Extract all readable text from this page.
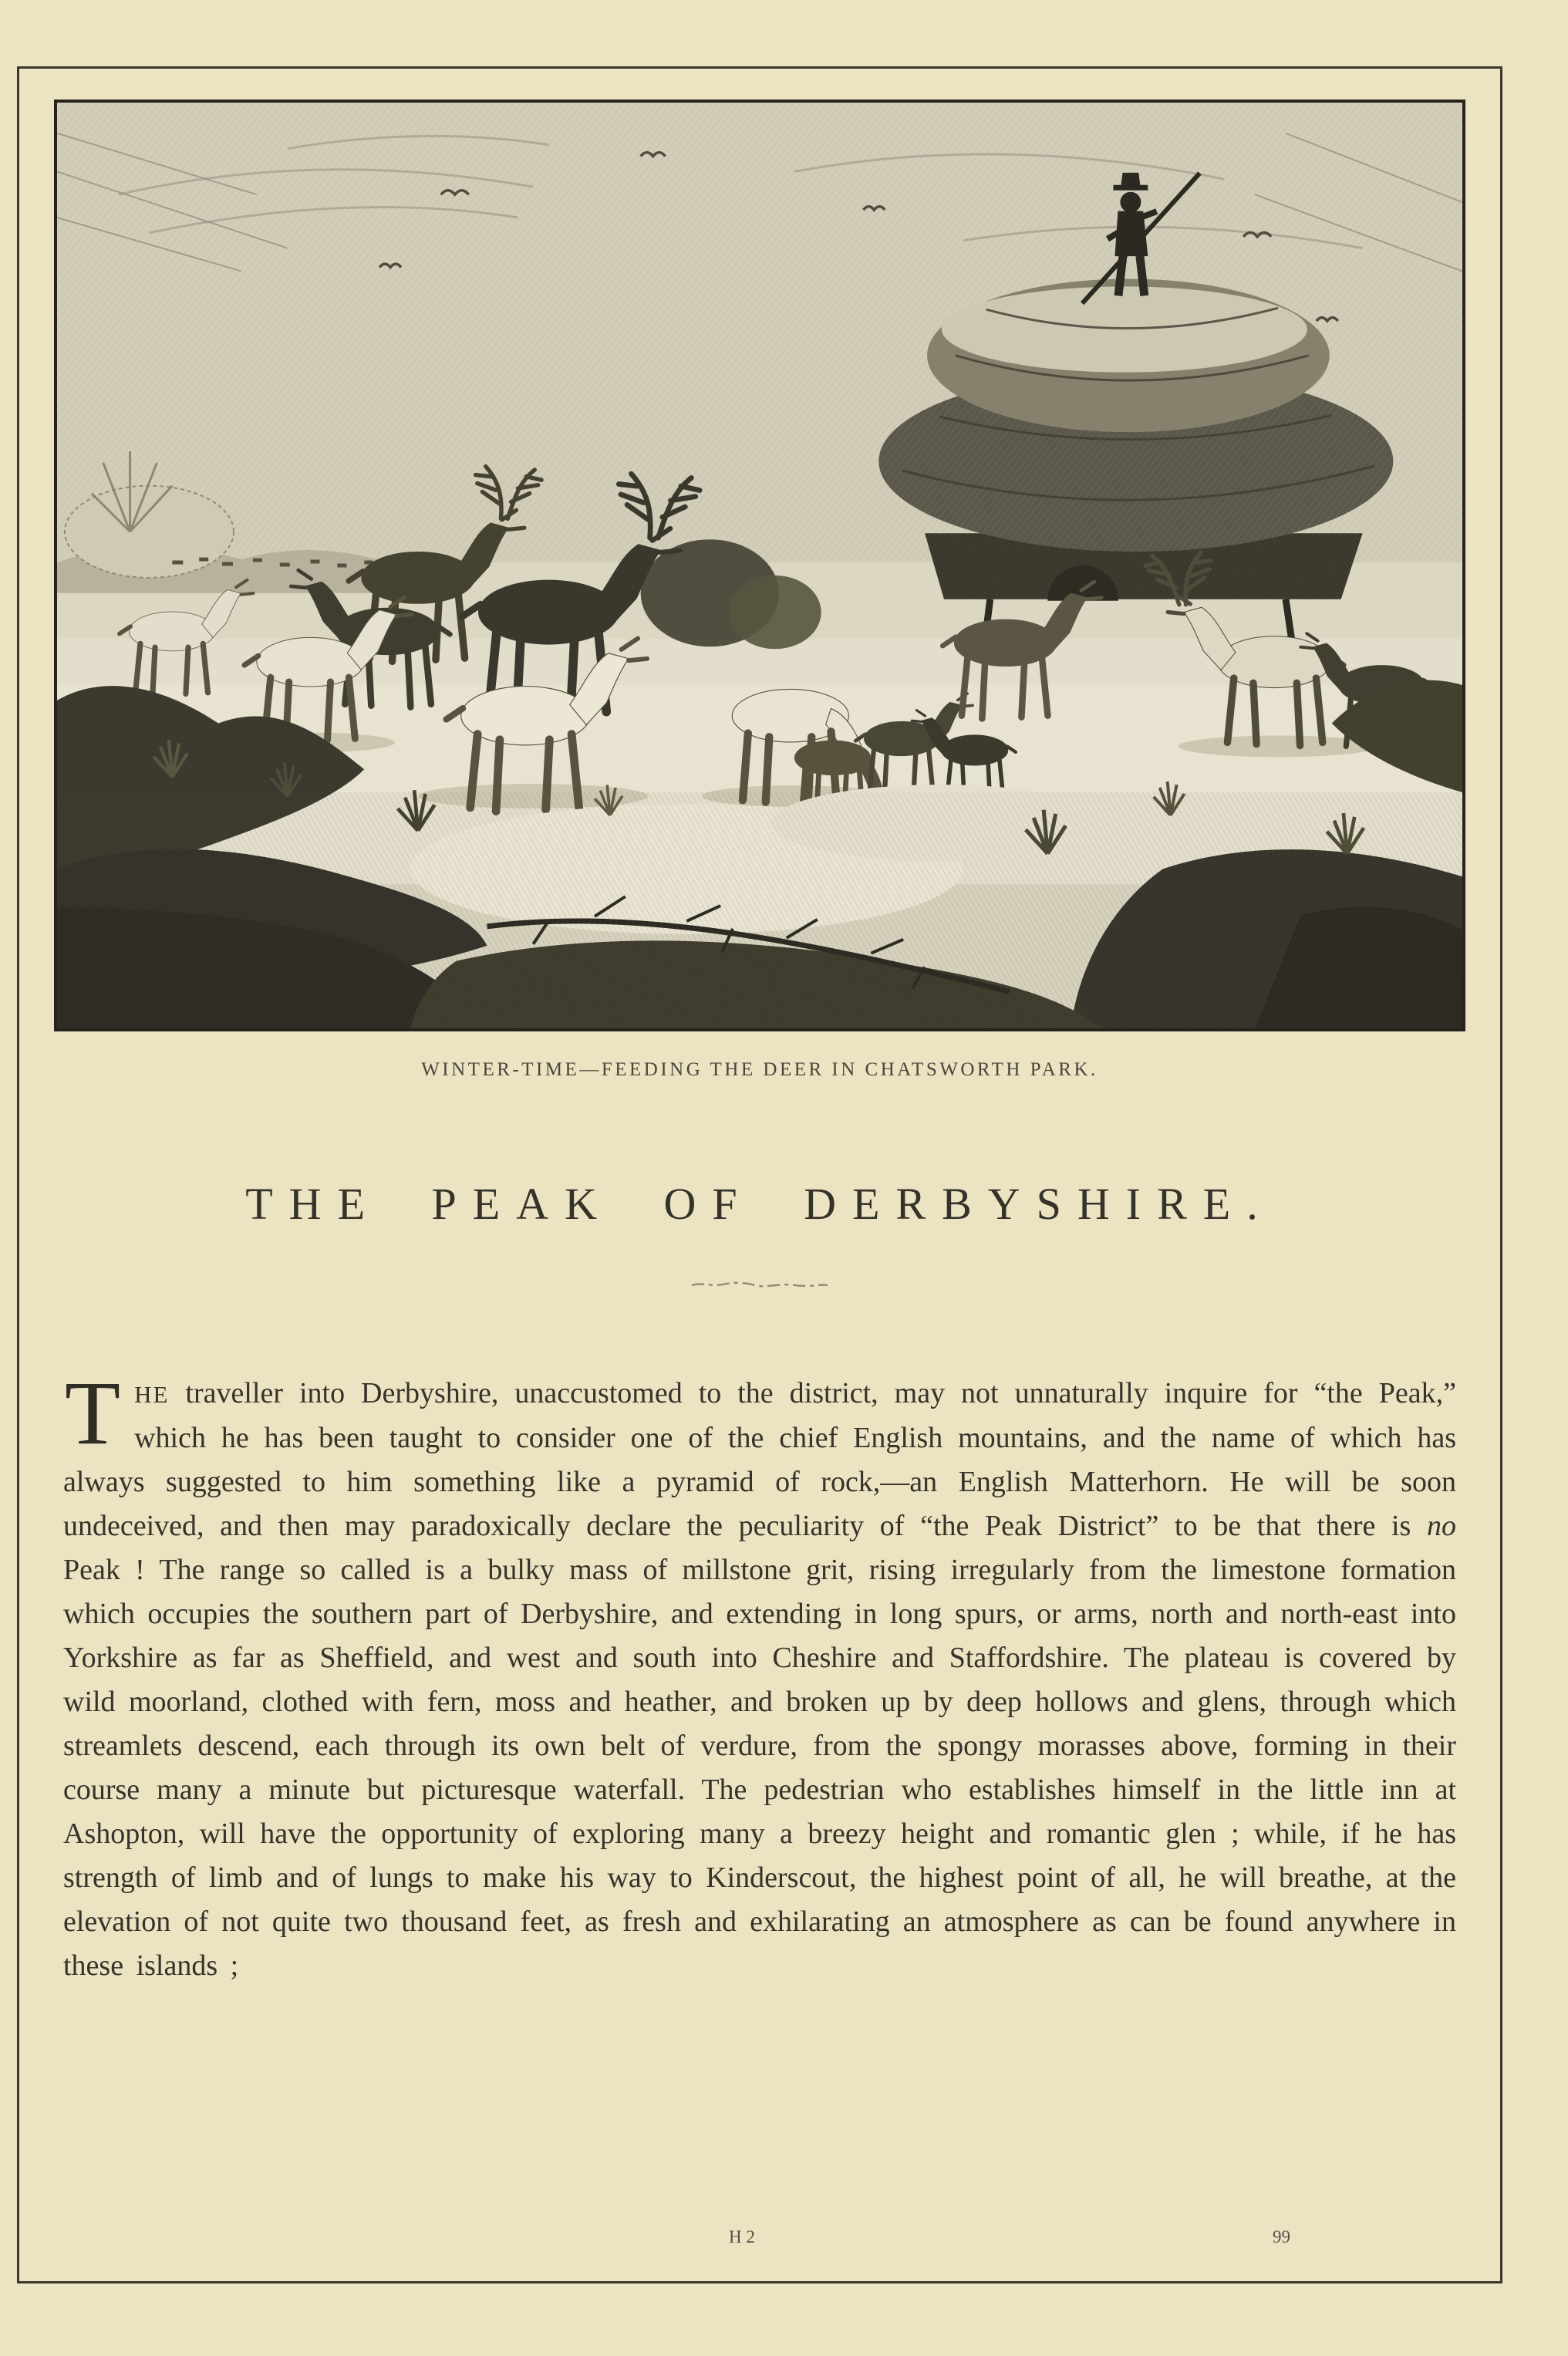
WINTER-TIME—FEEDING THE DEER IN CHATSWORTH PARK.
THE PEAK OF DERBYSHIRE.

T HE traveller into Derbyshire, unaccustomed to the district, may not unnaturally inquire for “the Peak,” which he has been taught to consider one of the chief English mountains, and the name of which has always suggested to him something like a pyramid of rock,—an English Matterhorn. He will be soon undeceived, and then may paradoxically declare the peculiarity of “the Peak District” to be that there is no Peak ! The range so called is a bulky mass of millstone grit, rising irregularly from the limestone formation which occupies the southern part of Derbyshire, and extending in long spurs, or arms, north and north-east into Yorkshire as far as Sheffield, and west and south into Cheshire and Staffordshire. The plateau is covered by wild moorland, clothed with fern, moss and heather, and broken up by deep hollows and glens, through which streamlets descend, each through its own belt of verdure, from the spongy morasses above, forming in their course many a minute but picturesque waterfall. The pedestrian who establishes himself in the little inn at Ashopton, will have the opportunity of exploring many a breezy height and romantic glen ; while, if he has strength of limb and of lungs to make his way to Kinderscout, the highest point of all, he will breathe, at the elevation of not quite two thousand feet, as fresh and exhilarating an atmosphere as can be found anywhere in these islands ;

H 2	99
